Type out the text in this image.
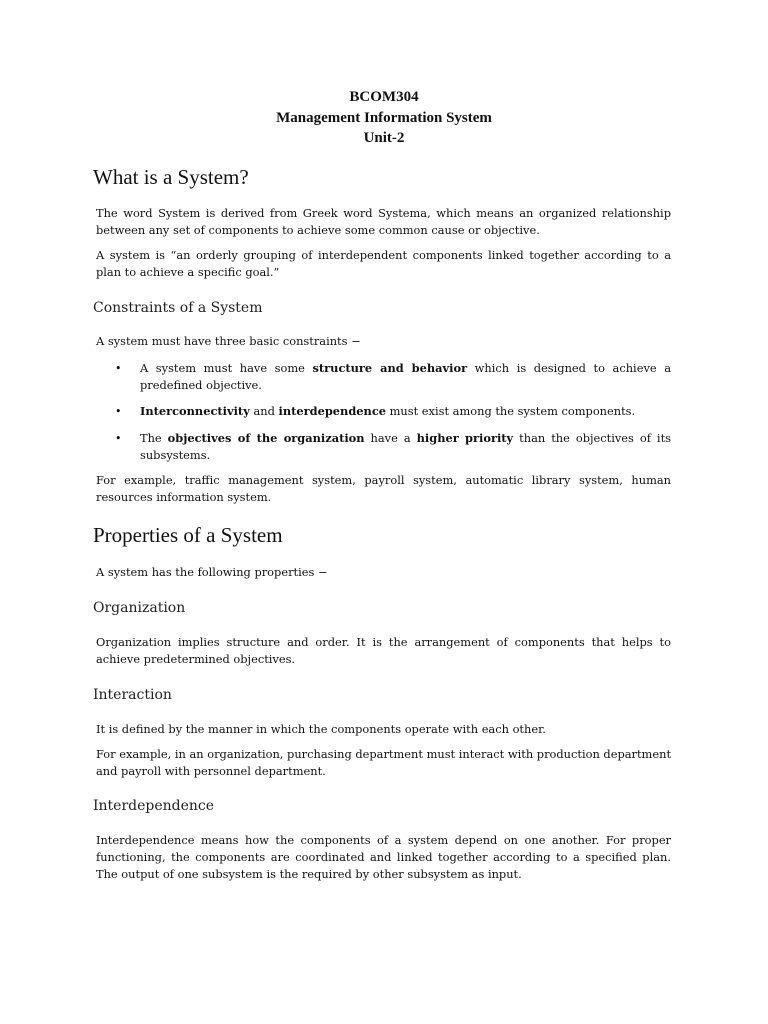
BCOM304
Management Information System
Unit-2
What is a System?
The word System is derived from Greek word Systema, which means an organized relationship between any set of components to achieve some common cause or objective.
A system is “an orderly grouping of interdependent components linked together according to a plan to achieve a specific goal.”
Constraints of a System
A system must have three basic constraints −
• A system must have some structure and behavior which is designed to achieve a predefined objective.
• Interconnectivity and interdependence must exist among the system components.
• The objectives of the organization have a higher priority than the objectives of its subsystems.
For example, traffic management system, payroll system, automatic library system, human resources information system.
Properties of a System
A system has the following properties −
Organization
Organization implies structure and order. It is the arrangement of components that helps to achieve predetermined objectives.
Interaction
It is defined by the manner in which the components operate with each other.
For example, in an organization, purchasing department must interact with production department and payroll with personnel department.
Interdependence
Interdependence means how the components of a system depend on one another. For proper functioning, the components are coordinated and linked together according to a specified plan. The output of one subsystem is the required by other subsystem as input.
